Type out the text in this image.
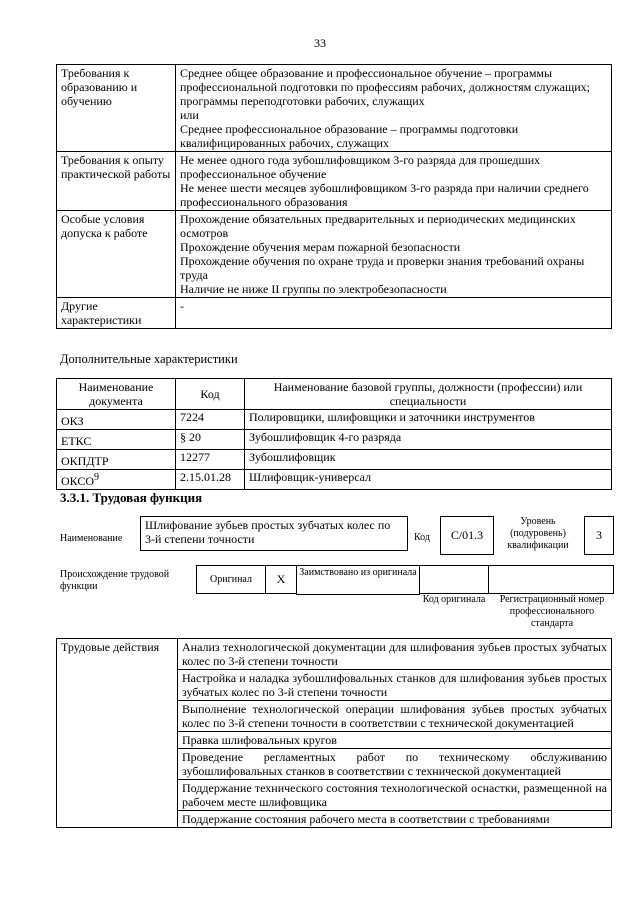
33
Требования к образованию и обучению	Среднее общее образование и профессиональное обучение – программы профессиональной подготовки по профессиям рабочих, должностям служащих; программы переподготовки рабочих, служащих
или
Среднее профессиональное образование – программы подготовки квалифицированных рабочих, служащих

Требования к опыту практической работы	Не менее одного года зубошлифовщиком 3-го разряда для прошедших профессиональное обучение
Не менее шести месяцев зубошлифовщиком 3-го разряда при наличии среднего профессионального образования

Особые условия допуска к работе	Прохождение обязательных предварительных и периодических медицинских осмотров
Прохождение обучения мерам пожарной безопасности
Прохождение обучения по охране труда и проверки знания требований охраны труда
Наличие не ниже II группы по электробезопасности

Другие характеристики	-
Дополнительные характеристики
Наименование документа	Код	Наименование базовой группы, должности (профессии) или специальности
ОКЗ	7224	Полировщики, шлифовщики и заточники инструментов
ЕТКС	§ 20	Зубошлифовщик 4-го разряда
ОКПДТР	12277	Зубошлифовщик
ОКСО$^9$	2.15.01.28	Шлифовщик-универсал
3.3.1. Трудовая функция
Наименование
Шлифование зубьев простых зубчатых колес по 3-й степени точности	Код	С/01.3
Уровень (подуровень) квалификации
3
Происхождение трудовой функции
Оригинал	Х	Заимствовано из оригинала
Код оригинала	Регистрационный номер профессионального стандарта
Трудовые действия	Анализ технологической документации для шлифования зубьев простых зубчатых колес по 3-й степени точности
Настройка и наладка зубошлифовальных станков для шлифования зубьев простых зубчатых колес по 3-й степени точности
Выполнение технологической операции шлифования зубьев простых зубчатых колес по 3-й степени точности в соответствии с технической документацией
Правка шлифовальных кругов
Проведение регламентных работ по техническому обслуживанию зубошлифовальных станков в соответствии с технической документацией
Поддержание технического состояния технологической оснастки, размещенной на рабочем месте шлифовщика
Поддержание состояния рабочего места в соответствии с требованиями
